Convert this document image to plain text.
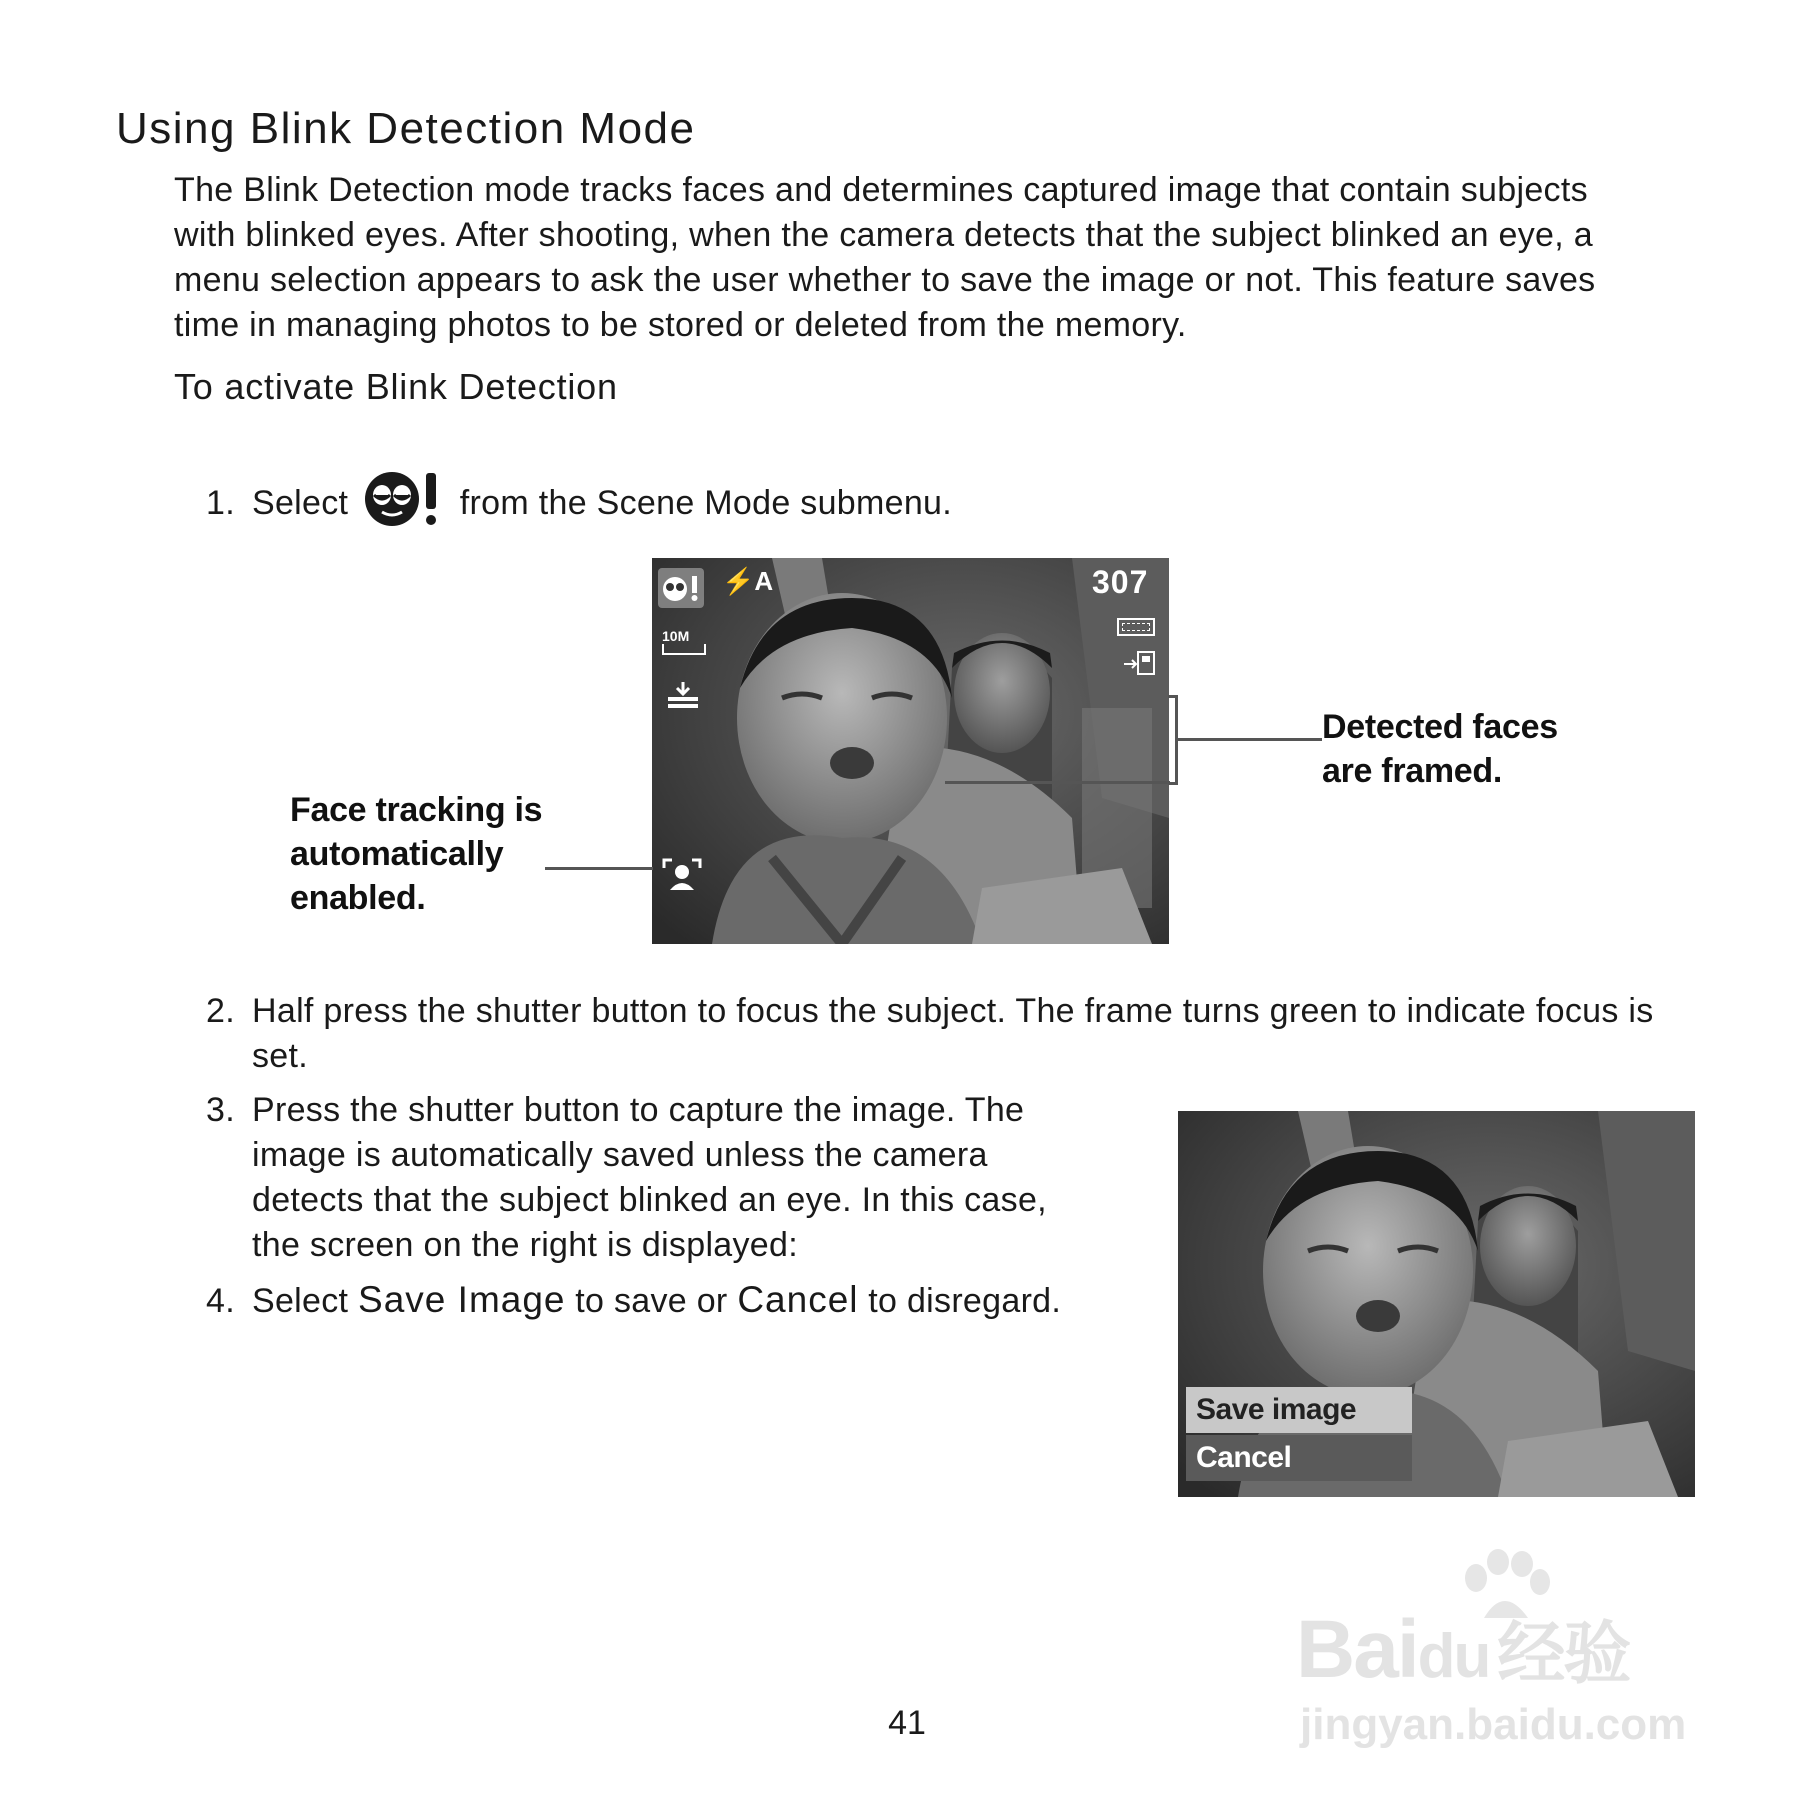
Using Blink Detection Mode
The Blink Detection mode tracks faces and determines captured image that contain subjects
with blinked eyes. After shooting, when the camera detects that the subject blinked an eye, a
menu selection appears to ask the user whether to save the image or not. This feature saves
time in managing photos to be stored or deleted from the memory.
To activate Blink Detection
1. Select	from the Scene Mode submenu.
⚡A	307
10M
Detected faces
are framed.
Face tracking is
automatically
enabled.
2. Half press the shutter button to focus the subject. The frame turns green to indicate focus is
set.
3. Press the shutter button to capture the image. The
image is automatically saved unless the camera
detects that the subject blinked an eye. In this case,
the screen on the right is displayed:
4. Select Save Image to save or Cancel to disregard.
Save image
Cancel
41
Baidu 经验
jingyan.baidu.com
